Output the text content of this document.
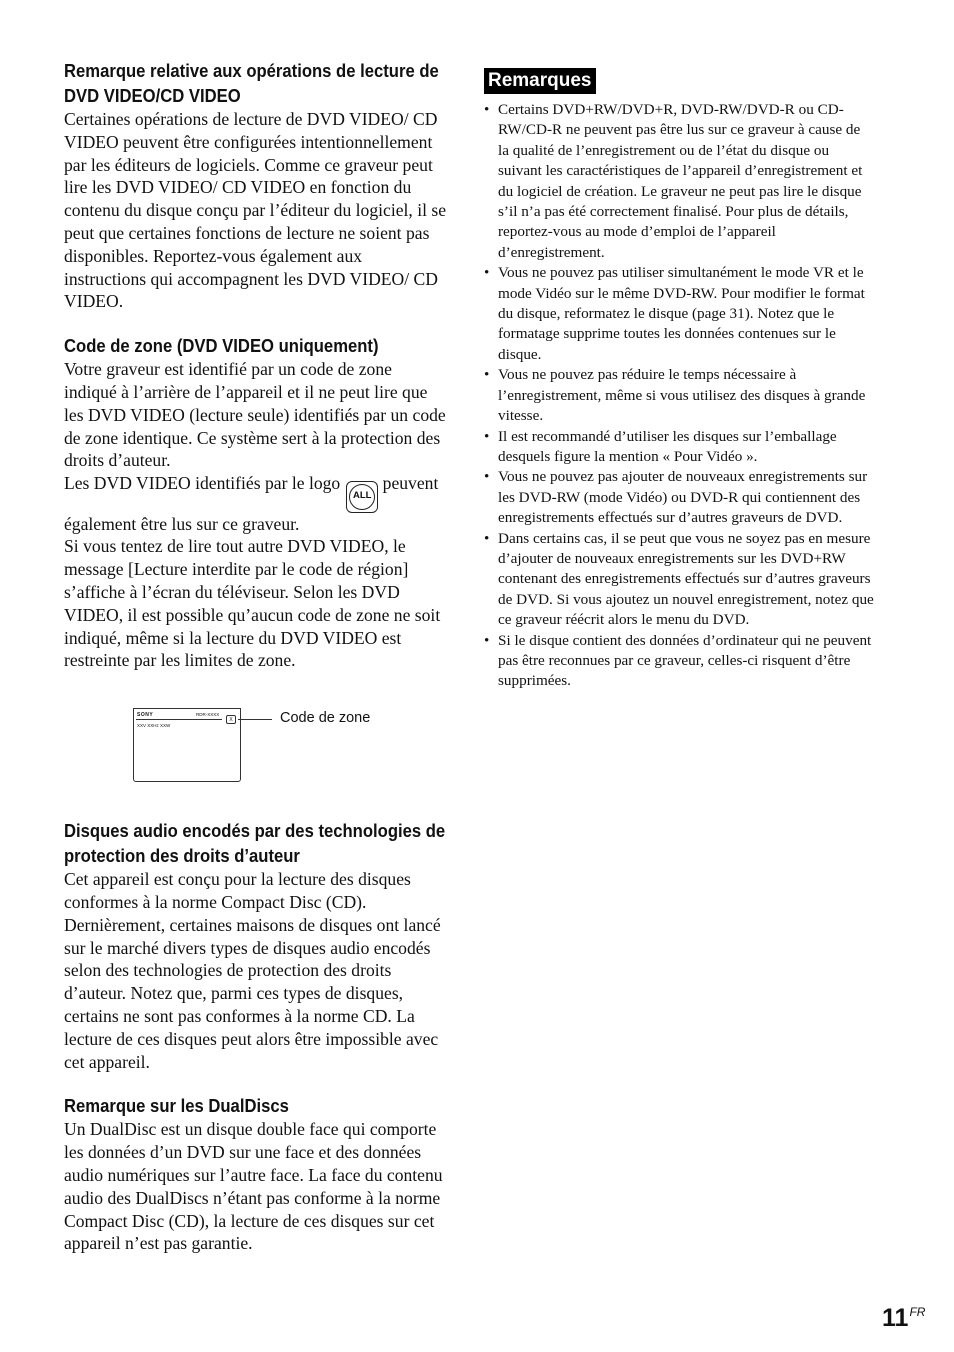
Remarque relative aux opérations de lecture de DVD VIDEO/CD VIDEO

Certaines opérations de lecture de DVD VIDEO/ CD VIDEO peuvent être configurées intentionnellement par les éditeurs de logiciels. Comme ce graveur peut lire les DVD VIDEO/ CD VIDEO en fonction du contenu du disque conçu par l’éditeur du logiciel, il se peut que certaines fonctions de lecture ne soient pas disponibles. Reportez-vous également aux instructions qui accompagnent les DVD VIDEO/ CD VIDEO.

Code de zone (DVD VIDEO uniquement)

Votre graveur est identifié par un code de zone indiqué à l’arrière de l’appareil et il ne peut lire que les DVD VIDEO (lecture seule) identifiés par un code de zone identique. Ce système sert à la protection des droits d’auteur.

Les DVD VIDEO identifiés par le logo
ALL
peuvent également être lus sur ce graveur.

Si vous tentez de lire tout autre DVD VIDEO, le message [Lecture interdite par le code de région] s’affiche à l’écran du téléviseur. Selon les DVD VIDEO, il est possible qu’aucun code de zone ne soit indiqué, même si la lecture du DVD VIDEO est restreinte par les limites de zone.

SONY	RDR-XXXX
XXV XXHz XXW
X	Code de zone
Disques audio encodés par des technologies de protection des droits d’auteur

Cet appareil est conçu pour la lecture des disques conformes à la norme Compact Disc (CD). Dernièrement, certaines maisons de disques ont lancé sur le marché divers types de disques audio encodés selon des technologies de protection des droits d’auteur. Notez que, parmi ces types de disques, certains ne sont pas conformes à la norme CD. La lecture de ces disques peut alors être impossible avec cet appareil.

Remarque sur les DualDiscs

Un DualDisc est un disque double face qui comporte les données d’un DVD sur une face et des données audio numériques sur l’autre face. La face du contenu audio des DualDiscs n’étant pas conforme à la norme Compact Disc (CD), la lecture de ces disques sur cet appareil n’est pas garantie.

Remarques
• Certains DVD+RW/DVD+R, DVD-RW/DVD-R ou CD-RW/CD-R ne peuvent pas être lus sur ce graveur à cause de la qualité de l’enregistrement ou de l’état du disque ou suivant les caractéristiques de l’appareil d’enregistrement et du logiciel de création. Le graveur ne peut pas lire le disque s’il n’a pas été correctement finalisé. Pour plus de détails, reportez-vous au mode d’emploi de l’appareil d’enregistrement.
• Vous ne pouvez pas utiliser simultanément le mode VR et le mode Vidéo sur le même DVD-RW. Pour modifier le format du disque, reformatez le disque (page 31). Notez que le formatage supprime toutes les données contenues sur le disque.
• Vous ne pouvez pas réduire le temps nécessaire à l’enregistrement, même si vous utilisez des disques à grande vitesse.
• Il est recommandé d’utiliser les disques sur l’emballage desquels figure la mention « Pour Vidéo ».
• Vous ne pouvez pas ajouter de nouveaux enregistrements sur les DVD-RW (mode Vidéo) ou DVD-R qui contiennent des enregistrements effectués sur d’autres graveurs de DVD.
• Dans certains cas, il se peut que vous ne soyez pas en mesure d’ajouter de nouveaux enregistrements sur les DVD+RW contenant des enregistrements effectués sur d’autres graveurs de DVD. Si vous ajoutez un nouvel enregistrement, notez que ce graveur réécrit alors le menu du DVD.
• Si le disque contient des données d’ordinateur qui ne peuvent pas être reconnues par ce graveur, celles-ci risquent d’être supprimées.
$11^{FR}$
